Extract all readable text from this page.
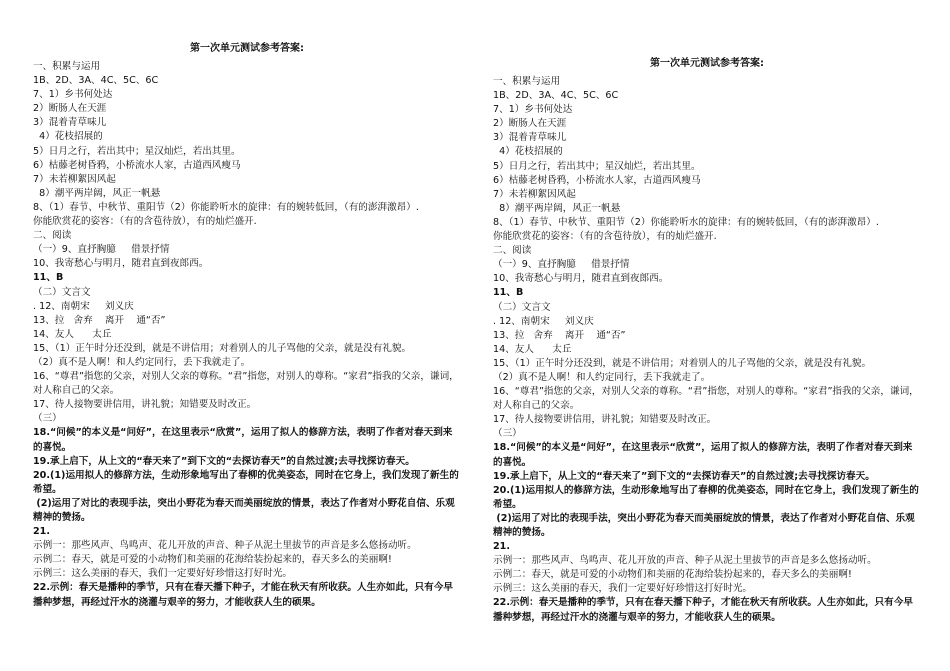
第一次单元测试参考答案:
一、积累与运用
1B、2D、3A、4C、5C、6C
7、1）乡书何处达
2）断肠人在天涯
3）混着青草味儿
4）花枝招展的
5）日月之行，若出其中；星汉灿烂，若出其里。
6）枯藤老树昏鸦，小桥流水人家，古道西风瘦马
7）未若柳絮因风起
8）潮平两岸阔，风正一帆悬
8、（1）春节、中秋节、重阳节（2）你能聆听水的旋律：有的婉转低回，（有的澎湃激昂）.
你能欣赏花的姿容：（有的含苞待放），有的灿烂盛开.
二、阅读
（一）9、直抒胸臆     借景抒情
10、我寄愁心与明月，随君直到夜郎西。
11、B
（二）文言文
. 12、南朝宋     刘义庆
13、拉   舍弃    离开    通“否”
14、友人      太丘
15、（1）正午时分还没到，就是不讲信用；对着别人的儿子骂他的父亲，就是没有礼貌。
（2）真不是人啊！和人约定同行，丢下我就走了。
16、“尊君”指您的父亲，对别人父亲的尊称。“君”指您，对别人的尊称。“家君”指我的父亲，谦词，对人称自己的父亲。
17、待人接物要讲信用，讲礼貌；知错要及时改正。
（三）
18.“问候”的本义是“问好”，在这里表示“欣赏”，运用了拟人的修辞方法，表明了作者对春天到来的喜悦。
19.承上启下，从上文的“春天来了”到下文的“去探访春天”的自然过渡;去寻找探访春天。
20.(1)运用拟人的修辞方法，生动形象地写出了春柳的优美姿态，同时在它身上，我们发现了新生的希望。
(2)运用了对比的表现手法，突出小野花为春天而美丽绽放的情景，表达了作者对小野花自信、乐观精神的赞扬。
21.
示例一：那些风声、鸟鸣声、花儿开放的声音、种子从泥土里拔节的声音是多么悠扬动听。
示例二：春天，就是可爱的小动物们和美丽的花海给装扮起来的，春天多么的美丽啊!
示例三：这么美丽的春天，我们一定要好好珍惜这打好时光。
22.示例：春天是播种的季节，只有在春天播下种子，才能在秋天有所收获。人生亦如此，只有今早播种梦想，再经过汗水的浇灌与艰辛的努力，才能收获人生的硕果。
第一次单元测试参考答案:
一、积累与运用
1B、2D、3A、4C、5C、6C
7、1）乡书何处达
2）断肠人在天涯
3）混着青草味儿
4）花枝招展的
5）日月之行，若出其中；星汉灿烂，若出其里。
6）枯藤老树昏鸦，小桥流水人家，古道西风瘦马
7）未若柳絮因风起
8）潮平两岸阔，风正一帆悬
8、（1）春节、中秋节、重阳节（2）你能聆听水的旋律：有的婉转低回，（有的澎湃激昂）.
你能欣赏花的姿容：（有的含苞待放），有的灿烂盛开.
二、阅读
（一）9、直抒胸臆     借景抒情
10、我寄愁心与明月，随君直到夜郎西。
11、B
（二）文言文
. 12、南朝宋     刘义庆
13、拉   舍弃    离开    通“否”
14、友人      太丘
15、（1）正午时分还没到，就是不讲信用；对着别人的儿子骂他的父亲，就是没有礼貌。
（2）真不是人啊！和人约定同行，丢下我就走了。
16、“尊君”指您的父亲，对别人父亲的尊称。“君”指您，对别人的尊称。“家君”指我的父亲，谦词，对人称自己的父亲。
17、待人接物要讲信用，讲礼貌；知错要及时改正。
（三）
18.“问候”的本义是“问好”，在这里表示“欣赏”，运用了拟人的修辞方法，表明了作者对春天到来的喜悦。
19.承上启下，从上文的“春天来了”到下文的“去探访春天”的自然过渡;去寻找探访春天。
20.(1)运用拟人的修辞方法，生动形象地写出了春柳的优美姿态，同时在它身上，我们发现了新生的希望。
(2)运用了对比的表现手法，突出小野花为春天而美丽绽放的情景，表达了作者对小野花自信、乐观精神的赞扬。
21.
示例一：那些风声、鸟鸣声、花儿开放的声音、种子从泥土里拔节的声音是多么悠扬动听。
示例二：春天，就是可爱的小动物们和美丽的花海给装扮起来的，春天多么的美丽啊!
示例三：这么美丽的春天，我们一定要好好珍惜这打好时光。
22.示例：春天是播种的季节，只有在春天播下种子，才能在秋天有所收获。人生亦如此，只有今早播种梦想，再经过汗水的浇灌与艰辛的努力，才能收获人生的硕果。
